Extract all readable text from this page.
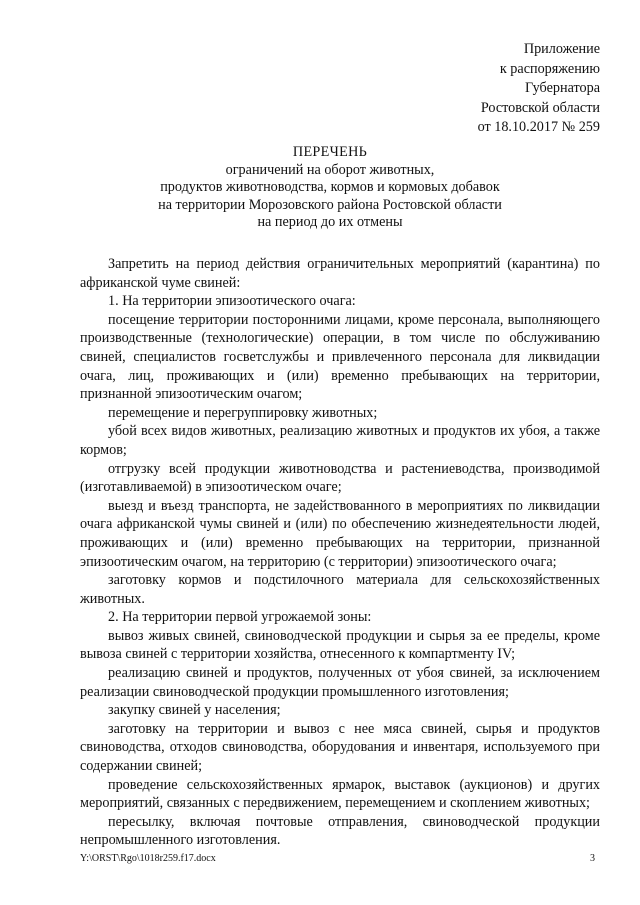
Приложение
к распоряжению
Губернатора
Ростовской области
от 18.10.2017 № 259
ПЕРЕЧЕНЬ
ограничений на оборот животных,
продуктов животноводства, кормов и кормовых добавок
на территории Морозовского района Ростовской области
на период до их отмены

Запретить на период действия ограничительных мероприятий (карантина) по африканской чуме свиней:

1. На территории эпизоотического очага:

посещение территории посторонними лицами, кроме персонала, выполняющего производственные (технологические) операции, в том числе по обслуживанию свиней, специалистов госветслужбы и привлеченного персонала для ликвидации очага, лиц, проживающих и (или) временно пребывающих на территории, признанной эпизоотическим очагом;

перемещение и перегруппировку животных;

убой всех видов животных, реализацию животных и продуктов их убоя, а также кормов;

отгрузку всей продукции животноводства и растениеводства, производимой (изготавливаемой) в эпизоотическом очаге;

выезд и въезд транспорта, не задействованного в мероприятиях по ликвидации очага африканской чумы свиней и (или) по обеспечению жизнедеятельности людей, проживающих и (или) временно пребывающих на территории, признанной эпизоотическим очагом, на территорию (с территории) эпизоотического очага;

заготовку кормов и подстилочного материала для сельскохозяйственных животных.

2. На территории первой угрожаемой зоны:

вывоз живых свиней, свиноводческой продукции и сырья за ее пределы, кроме вывоза свиней с территории хозяйства, отнесенного к компартменту IV;

реализацию свиней и продуктов, полученных от убоя свиней, за исключением реализации свиноводческой продукции промышленного изготовления;

закупку свиней у населения;

заготовку на территории и вывоз с нее мяса свиней, сырья и продуктов свиноводства, отходов свиноводства, оборудования и инвентаря, используемого при содержании свиней;

проведение сельскохозяйственных ярмарок, выставок (аукционов) и других мероприятий, связанных с передвижением, перемещением и скоплением животных;

пересылку, включая почтовые отправления, свиноводческой продукции непромышленного изготовления.

Y:\ORST\Rgo\1018r259.f17.docx	3
